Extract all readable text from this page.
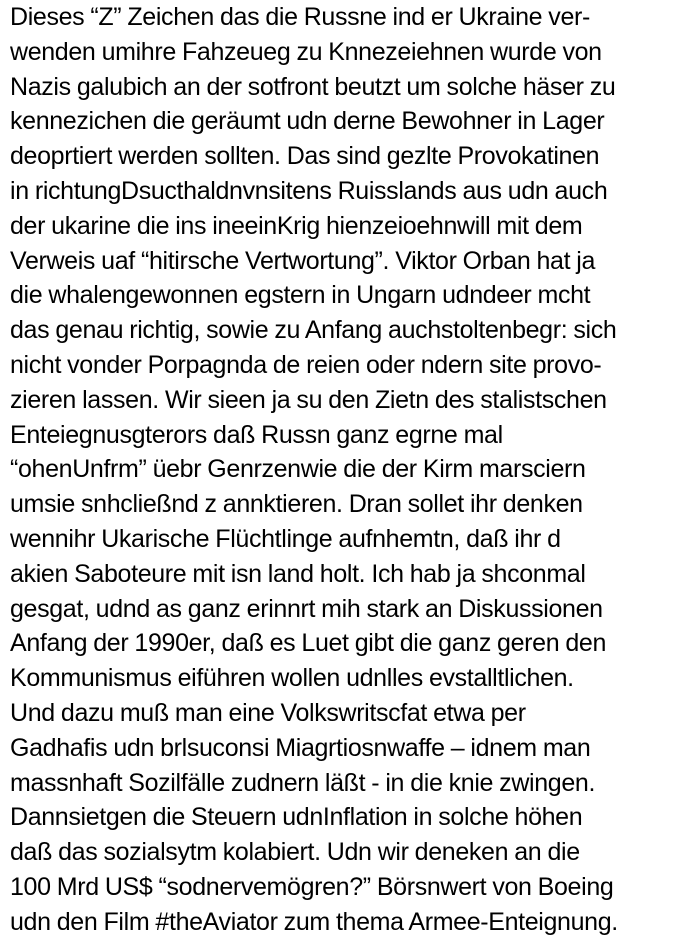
Dieses “Z” Zeichen das die Russne ind er Ukraine ver-
wenden umihre Fahzeueg zu Knnezeiehnen wurde von
Nazis galubich an der sotfront beutzt um solche häser zu
kennezichen die geräumt udn derne Bewohner in Lager
deoprtiert werden sollten. Das sind gezlte Provokatinen
in richtungDsucthaldnvnsitens Ruisslands aus udn auch
der ukarine die ins ineeinKrig hienzeioehnwill mit dem
Verweis uaf “hitirsche Vertwortung”. Viktor Orban hat ja
die whalengewonnen egstern in Ungarn udndeer mcht
das genau richtig, sowie zu Anfang auchstoltenbegr: sich
nicht vonder Porpagnda de reien oder ndern site provo-
zieren lassen. Wir sieen ja su den Zietn des stalistschen
Enteiegnusgterors daß Russn ganz egrne mal
“ohenUnfrm” üebr Genrzenwie die der Kirm marsciern
umsie snhcließnd z annktieren. Dran sollet ihr denken
wennihr Ukarische Flüchtlinge aufnhemtn, daß ihr d
akien Saboteure mit isn land holt. Ich hab ja shconmal
gesgat, udnd as ganz erinnrt mih stark an Diskussionen
Anfang der 1990er, daß es Luet gibt die ganz geren den
Kommunismus eiführen wollen udnlles evstalltlichen.
Und dazu muß man eine Volkswritscfat etwa per
Gadhafis udn brlsuconsi Miagrtiosnwaffe – idnem man
massnhaft Sozilfälle zudnern läßt - in die knie zwingen.
Dannsietgen die Steuern udnInflation in solche höhen
daß das sozialsytm kolabiert. Udn wir deneken an die
100 Mrd US$ “sodnervemögren?” Börsnwert von Boeing
udn den Film #theAviator zum thema Armee-Enteignung.
